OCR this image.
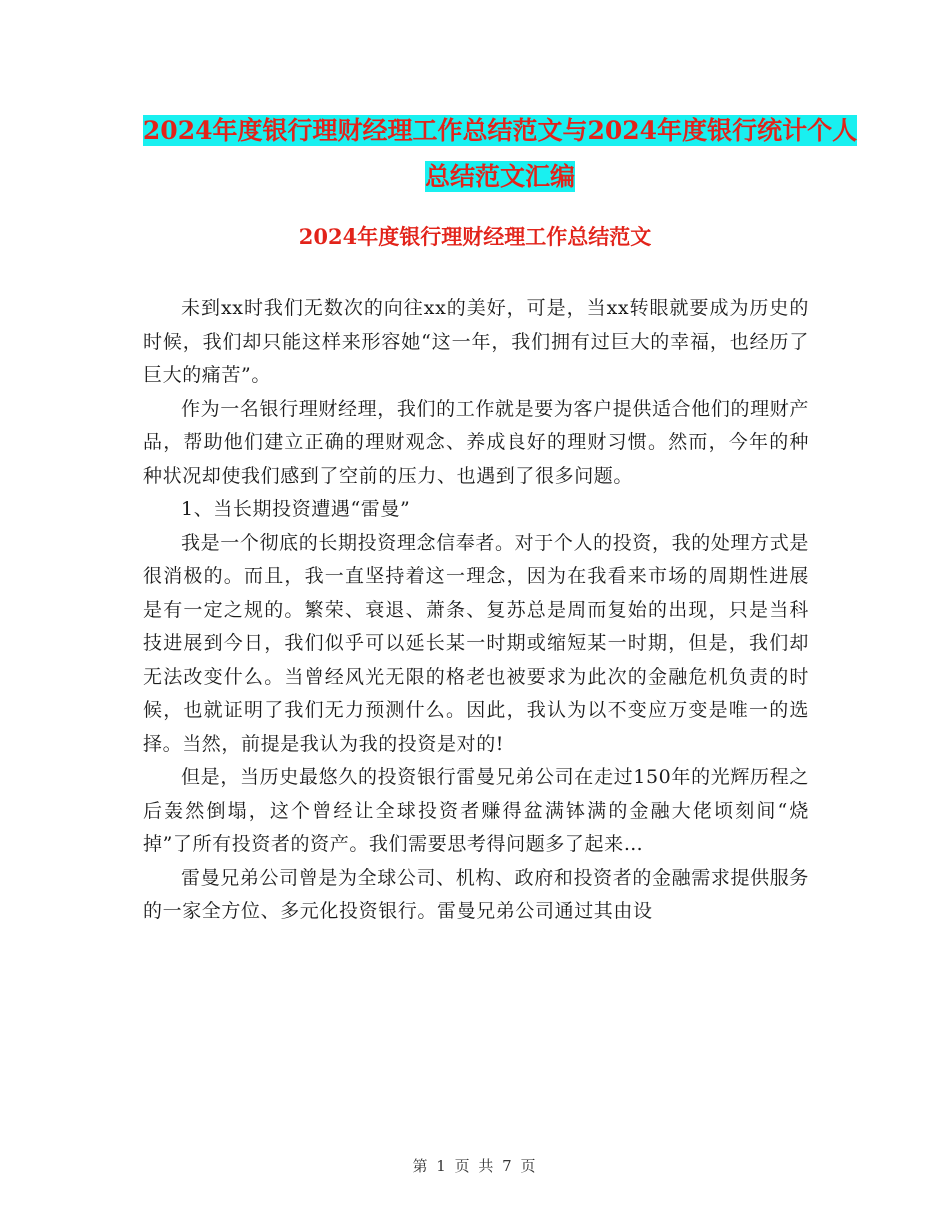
2024年度银行理财经理工作总结范文与2024年度银行统计个人总结范文汇编
2024年度银行理财经理工作总结范文

未到xx时我们无数次的向往xx的美好，可是，当xx转眼就要成为历史的时候，我们却只能这样来形容她“这一年，我们拥有过巨大的幸福，也经历了巨大的痛苦”。

作为一名银行理财经理，我们的工作就是要为客户提供适合他们的理财产品，帮助他们建立正确的理财观念、养成良好的理财习惯。然而，今年的种种状况却使我们感到了空前的压力、也遇到了很多问题。

1、当长期投资遭遇“雷曼”

我是一个彻底的长期投资理念信奉者。对于个人的投资，我的处理方式是很消极的。而且，我一直坚持着这一理念，因为在我看来市场的周期性进展是有一定之规的。繁荣、衰退、萧条、复苏总是周而复始的出现，只是当科技进展到今日，我们似乎可以延长某一时期或缩短某一时期，但是，我们却无法改变什么。当曾经风光无限的格老也被要求为此次的金融危机负责的时候，也就证明了我们无力预测什么。因此，我认为以不变应万变是唯一的选择。当然，前提是我认为我的投资是对的!

但是，当历史最悠久的投资银行雷曼兄弟公司在走过150年的光辉历程之后轰然倒塌，这个曾经让全球投资者赚得盆满钵满的金融大佬顷刻间“烧掉”了所有投资者的资产。我们需要思考得问题多了起来…

雷曼兄弟公司曾是为全球公司、机构、政府和投资者的金融需求提供服务的一家全方位、多元化投资银行。雷曼兄弟公司通过其由设

第 1 页 共 7 页
